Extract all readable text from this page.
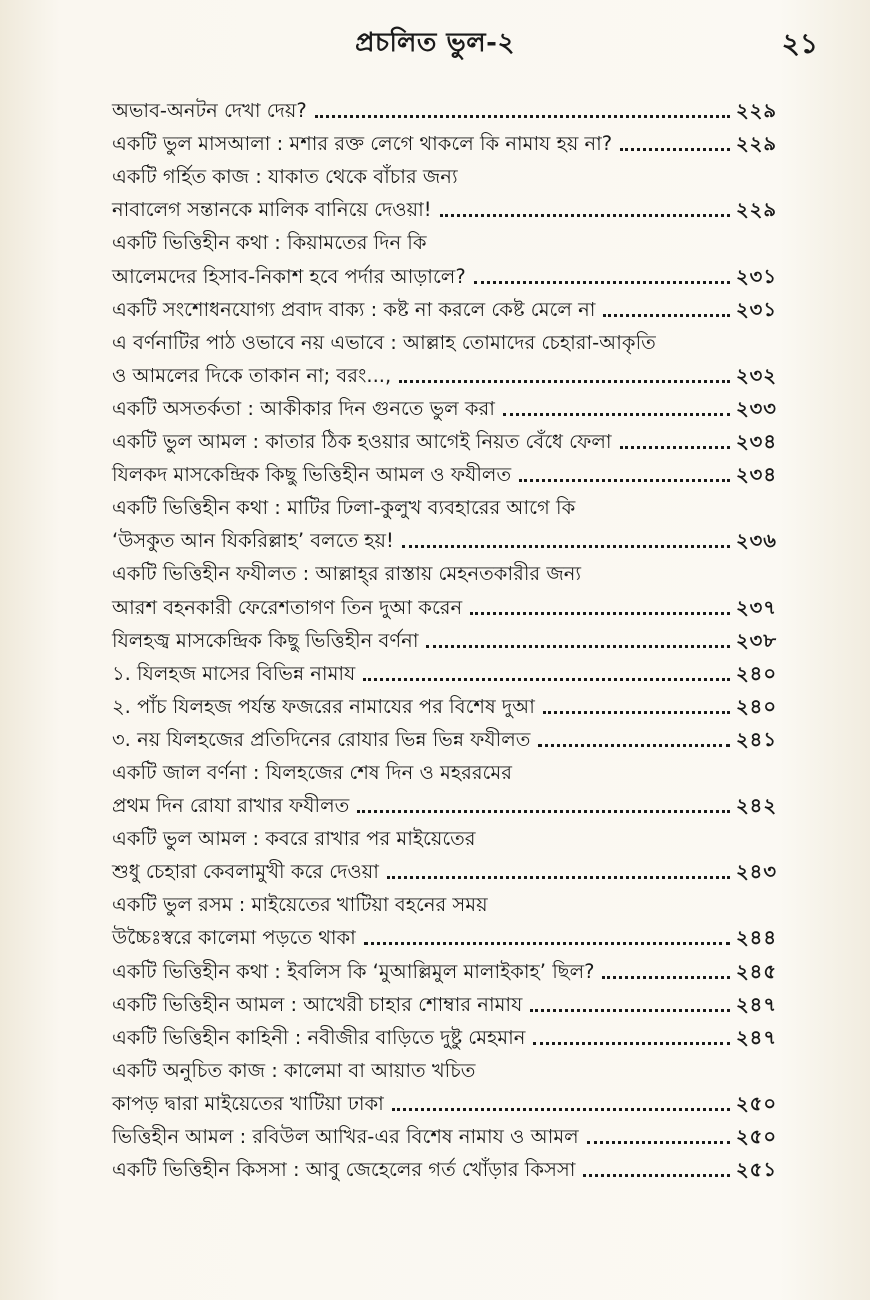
প্রচলিত ভুল-২	২১
অভাব-অনটন দেখা দেয়?	২২৯
একটি ভুল মাসআলা : মশার রক্ত লেগে থাকলে কি নামায হয় না?	২২৯
একটি গর্হিত কাজ : যাকাত থেকে বাঁচার জন্য
নাবালেগ সন্তানকে মালিক বানিয়ে দেওয়া!	২২৯
একটি ভিত্তিহীন কথা : কিয়ামতের দিন কি
আলেমদের হিসাব-নিকাশ হবে পর্দার আড়ালে?	২৩১
একটি সংশোধনযোগ্য প্রবাদ বাক্য : কষ্ট না করলে কেষ্ট মেলে না	২৩১
এ বর্ণনাটির পাঠ ওভাবে নয় এভাবে : আল্লাহ তোমাদের চেহারা-আকৃতি
ও আমলের দিকে তাকান না; বরং...,	২৩২
একটি অসতর্কতা : আকীকার দিন গুনতে ভুল করা	২৩৩
একটি ভুল আমল : কাতার ঠিক হওয়ার আগেই নিয়ত বেঁধে ফেলা	২৩৪
যিলকদ মাসকেন্দ্রিক কিছু ভিত্তিহীন আমল ও ফযীলত	২৩৪
একটি ভিত্তিহীন কথা : মাটির ঢিলা-কুলুখ ব্যবহারের আগে কি
‘উসকুত আন যিকরিল্লাহ’ বলতে হয়!	২৩৬
একটি ভিত্তিহীন ফযীলত : আল্লাহ্‌র রাস্তায় মেহনতকারীর জন্য
আরশ বহনকারী ফেরেশতাগণ তিন দুআ করেন	২৩৭
যিলহজ্ব মাসকেন্দ্রিক কিছু ভিত্তিহীন বর্ণনা	২৩৮
১. যিলহজ মাসের বিভিন্ন নামায	২৪০
২. পাঁচ যিলহজ পর্যন্ত ফজরের নামাযের পর বিশেষ দুআ	২৪০
৩. নয় যিলহজের প্রতিদিনের রোযার ভিন্ন ভিন্ন ফযীলত	২৪১
একটি জাল বর্ণনা : যিলহজের শেষ দিন ও মহররমের
প্রথম দিন রোযা রাখার ফযীলত	২৪২
একটি ভুল আমল : কবরে রাখার পর মাইয়েতের
শুধু চেহারা কেবলামুখী করে দেওয়া	২৪৩
একটি ভুল রসম : মাইয়েতের খাটিয়া বহনের সময়
উচ্চৈঃস্বরে কালেমা পড়তে থাকা	২৪৪
একটি ভিত্তিহীন কথা : ইবলিস কি ‘মুআল্লিমুল মালাইকাহ’ ছিল?	২৪৫
একটি ভিত্তিহীন আমল : আখেরী চাহার শোম্বার নামায	২৪৭
একটি ভিত্তিহীন কাহিনী : নবীজীর বাড়িতে দুষ্টু মেহমান	২৪৭
একটি অনুচিত কাজ : কালেমা বা আয়াত খচিত
কাপড় দ্বারা মাইয়েতের খাটিয়া ঢাকা	২৫০
ভিত্তিহীন আমল : রবিউল আখির-এর বিশেষ নামায ও আমল	২৫০
একটি ভিত্তিহীন কিসসা : আবু জেহেলের গর্ত খোঁড়ার কিসসা	২৫১
